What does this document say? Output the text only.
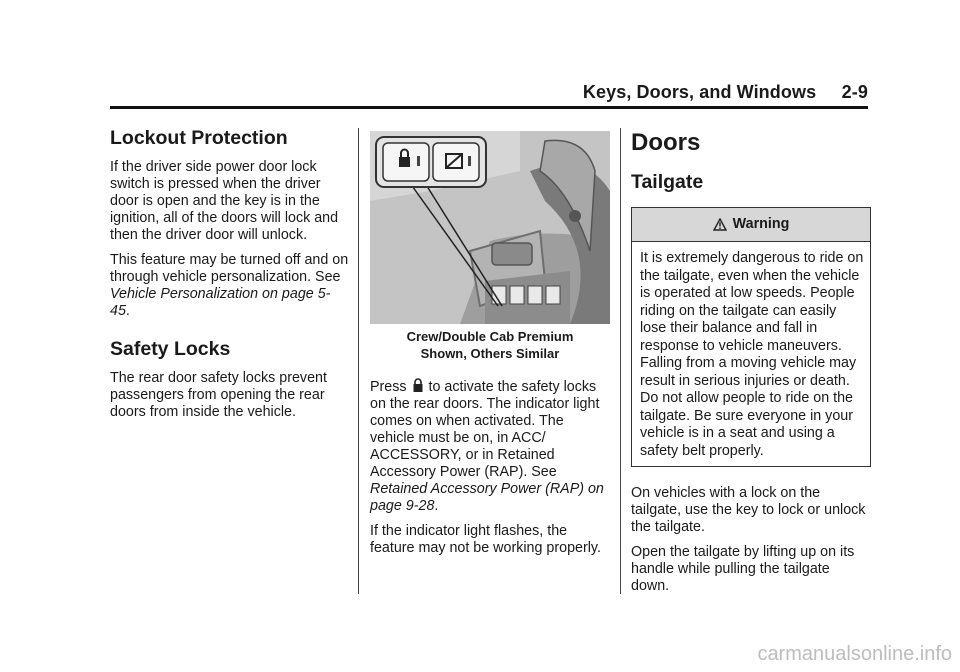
Keys, Doors, and Windows     2-9
Lockout Protection

If the driver side power door lock switch is pressed when the driver door is open and the key is in the ignition, all of the doors will lock and then the driver door will unlock.

This feature may be turned off and on through vehicle personalization. See Vehicle Personalization on page 5-45.

Safety Locks

The rear door safety locks prevent passengers from opening the rear doors from inside the vehicle.

Crew/Double Cab Premium
Shown, Others Similar

Press  to activate the safety locks on the rear doors. The indicator light comes on when activated. The vehicle must be on, in ACC/ ACCESSORY, or in Retained Accessory Power (RAP). See Retained Accessory Power (RAP) on page 9-28.

If the indicator light flashes, the feature may not be working properly.

Doors
Tailgate
Warning
It is extremely dangerous to ride on the tailgate, even when the vehicle is operated at low speeds. People riding on the tailgate can easily lose their balance and fall in response to vehicle maneuvers. Falling from a moving vehicle may result in serious injuries or death. Do not allow people to ride on the tailgate. Be sure everyone in your vehicle is in a seat and using a safety belt properly.

On vehicles with a lock on the tailgate, use the key to lock or unlock the tailgate.

Open the tailgate by lifting up on its handle while pulling the tailgate down.

carmanualsonline.info
